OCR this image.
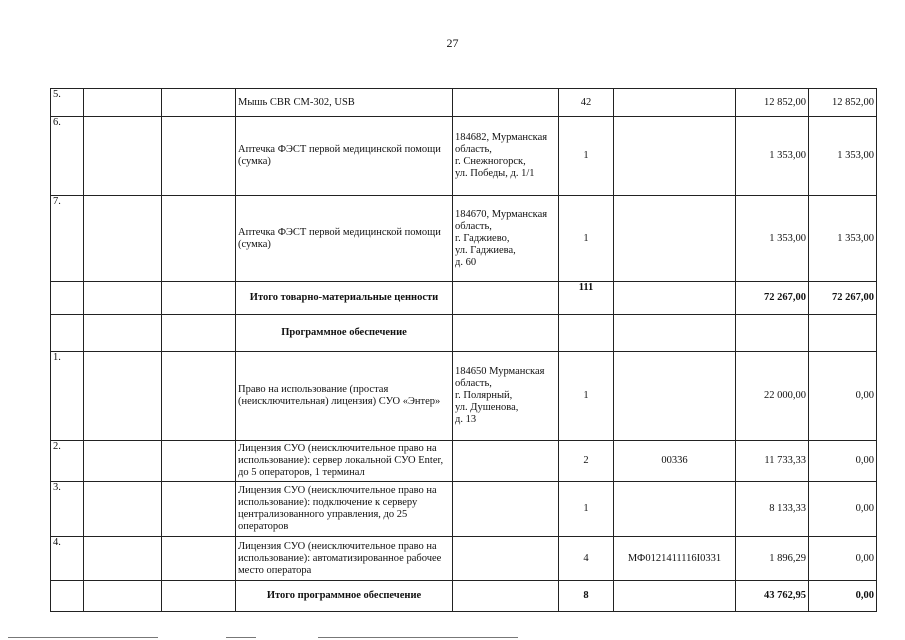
27
5.			Мышь CBR CM-302, USB		42		12 852,00	12 852,00
6.			Аптечка ФЭСТ первой медицинской помощи (сумка)	184682, Мурманская область,
г. Снежногорск,
ул. Победы, д. 1/1	1		1 353,00	1 353,00
7.			Аптечка ФЭСТ первой медицинской помощи (сумка)	184670, Мурманская область,
г. Гаджиево,
ул. Гаджиева,
д. 60	1		1 353,00	1 353,00
			Итого товарно-материальные ценности		111		72 267,00	72 267,00
			Программное обеспечение					
1.			Право на использование (простая (неисключительная) лицензия) СУО «Энтер»	184650 Мурманская область,
г. Полярный,
ул. Душенова,
д. 13	1		22 000,00	0,00
2.			Лицензия СУО (неисключительное право на использование): сервер локальной СУО Enter, до 5 операторов, 1 терминал		2	00336	11 733,33	0,00
3.			Лицензия СУО (неисключительное право на использование): подключение к серверу централизованного управления, до 25 операторов		1		8 133,33	0,00
4.			Лицензия СУО (неисключительное право на использование): автоматизированное рабочее место оператора		4	МФ0121411116I0331	1 896,29	0,00
			Итого программное обеспечение		8		43 762,95	0,00
